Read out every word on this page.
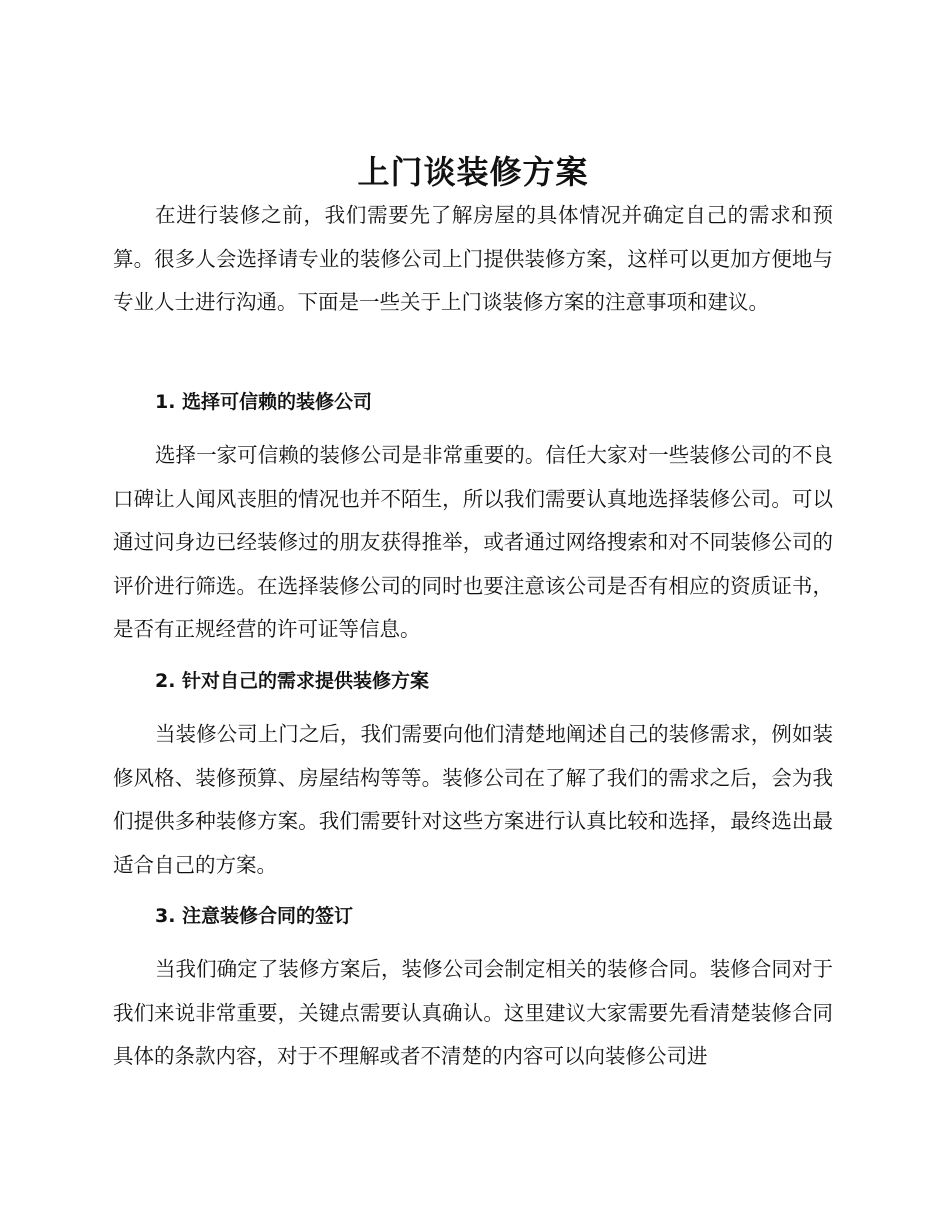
上门谈装修方案

在进行装修之前，我们需要先了解房屋的具体情况并确定自己的需求和预算。很多人会选择请专业的装修公司上门提供装修方案，这样可以更加方便地与专业人士进行沟通。下面是一些关于上门谈装修方案的注意事项和建议。

1. 选择可信赖的装修公司

选择一家可信赖的装修公司是非常重要的。信任大家对一些装修公司的不良口碑让人闻风丧胆的情况也并不陌生，所以我们需要认真地选择装修公司。可以通过问身边已经装修过的朋友获得推举，或者通过网络搜索和对不同装修公司的评价进行筛选。在选择装修公司的同时也要注意该公司是否有相应的资质证书，是否有正规经营的许可证等信息。

2. 针对自己的需求提供装修方案

当装修公司上门之后，我们需要向他们清楚地阐述自己的装修需求，例如装修风格、装修预算、房屋结构等等。装修公司在了解了我们的需求之后，会为我们提供多种装修方案。我们需要针对这些方案进行认真比较和选择，最终选出最适合自己的方案。

3. 注意装修合同的签订

当我们确定了装修方案后，装修公司会制定相关的装修合同。装修合同对于我们来说非常重要，关键点需要认真确认。这里建议大家需要先看清楚装修合同具体的条款内容，对于不理解或者不清楚的内容可以向装修公司进
